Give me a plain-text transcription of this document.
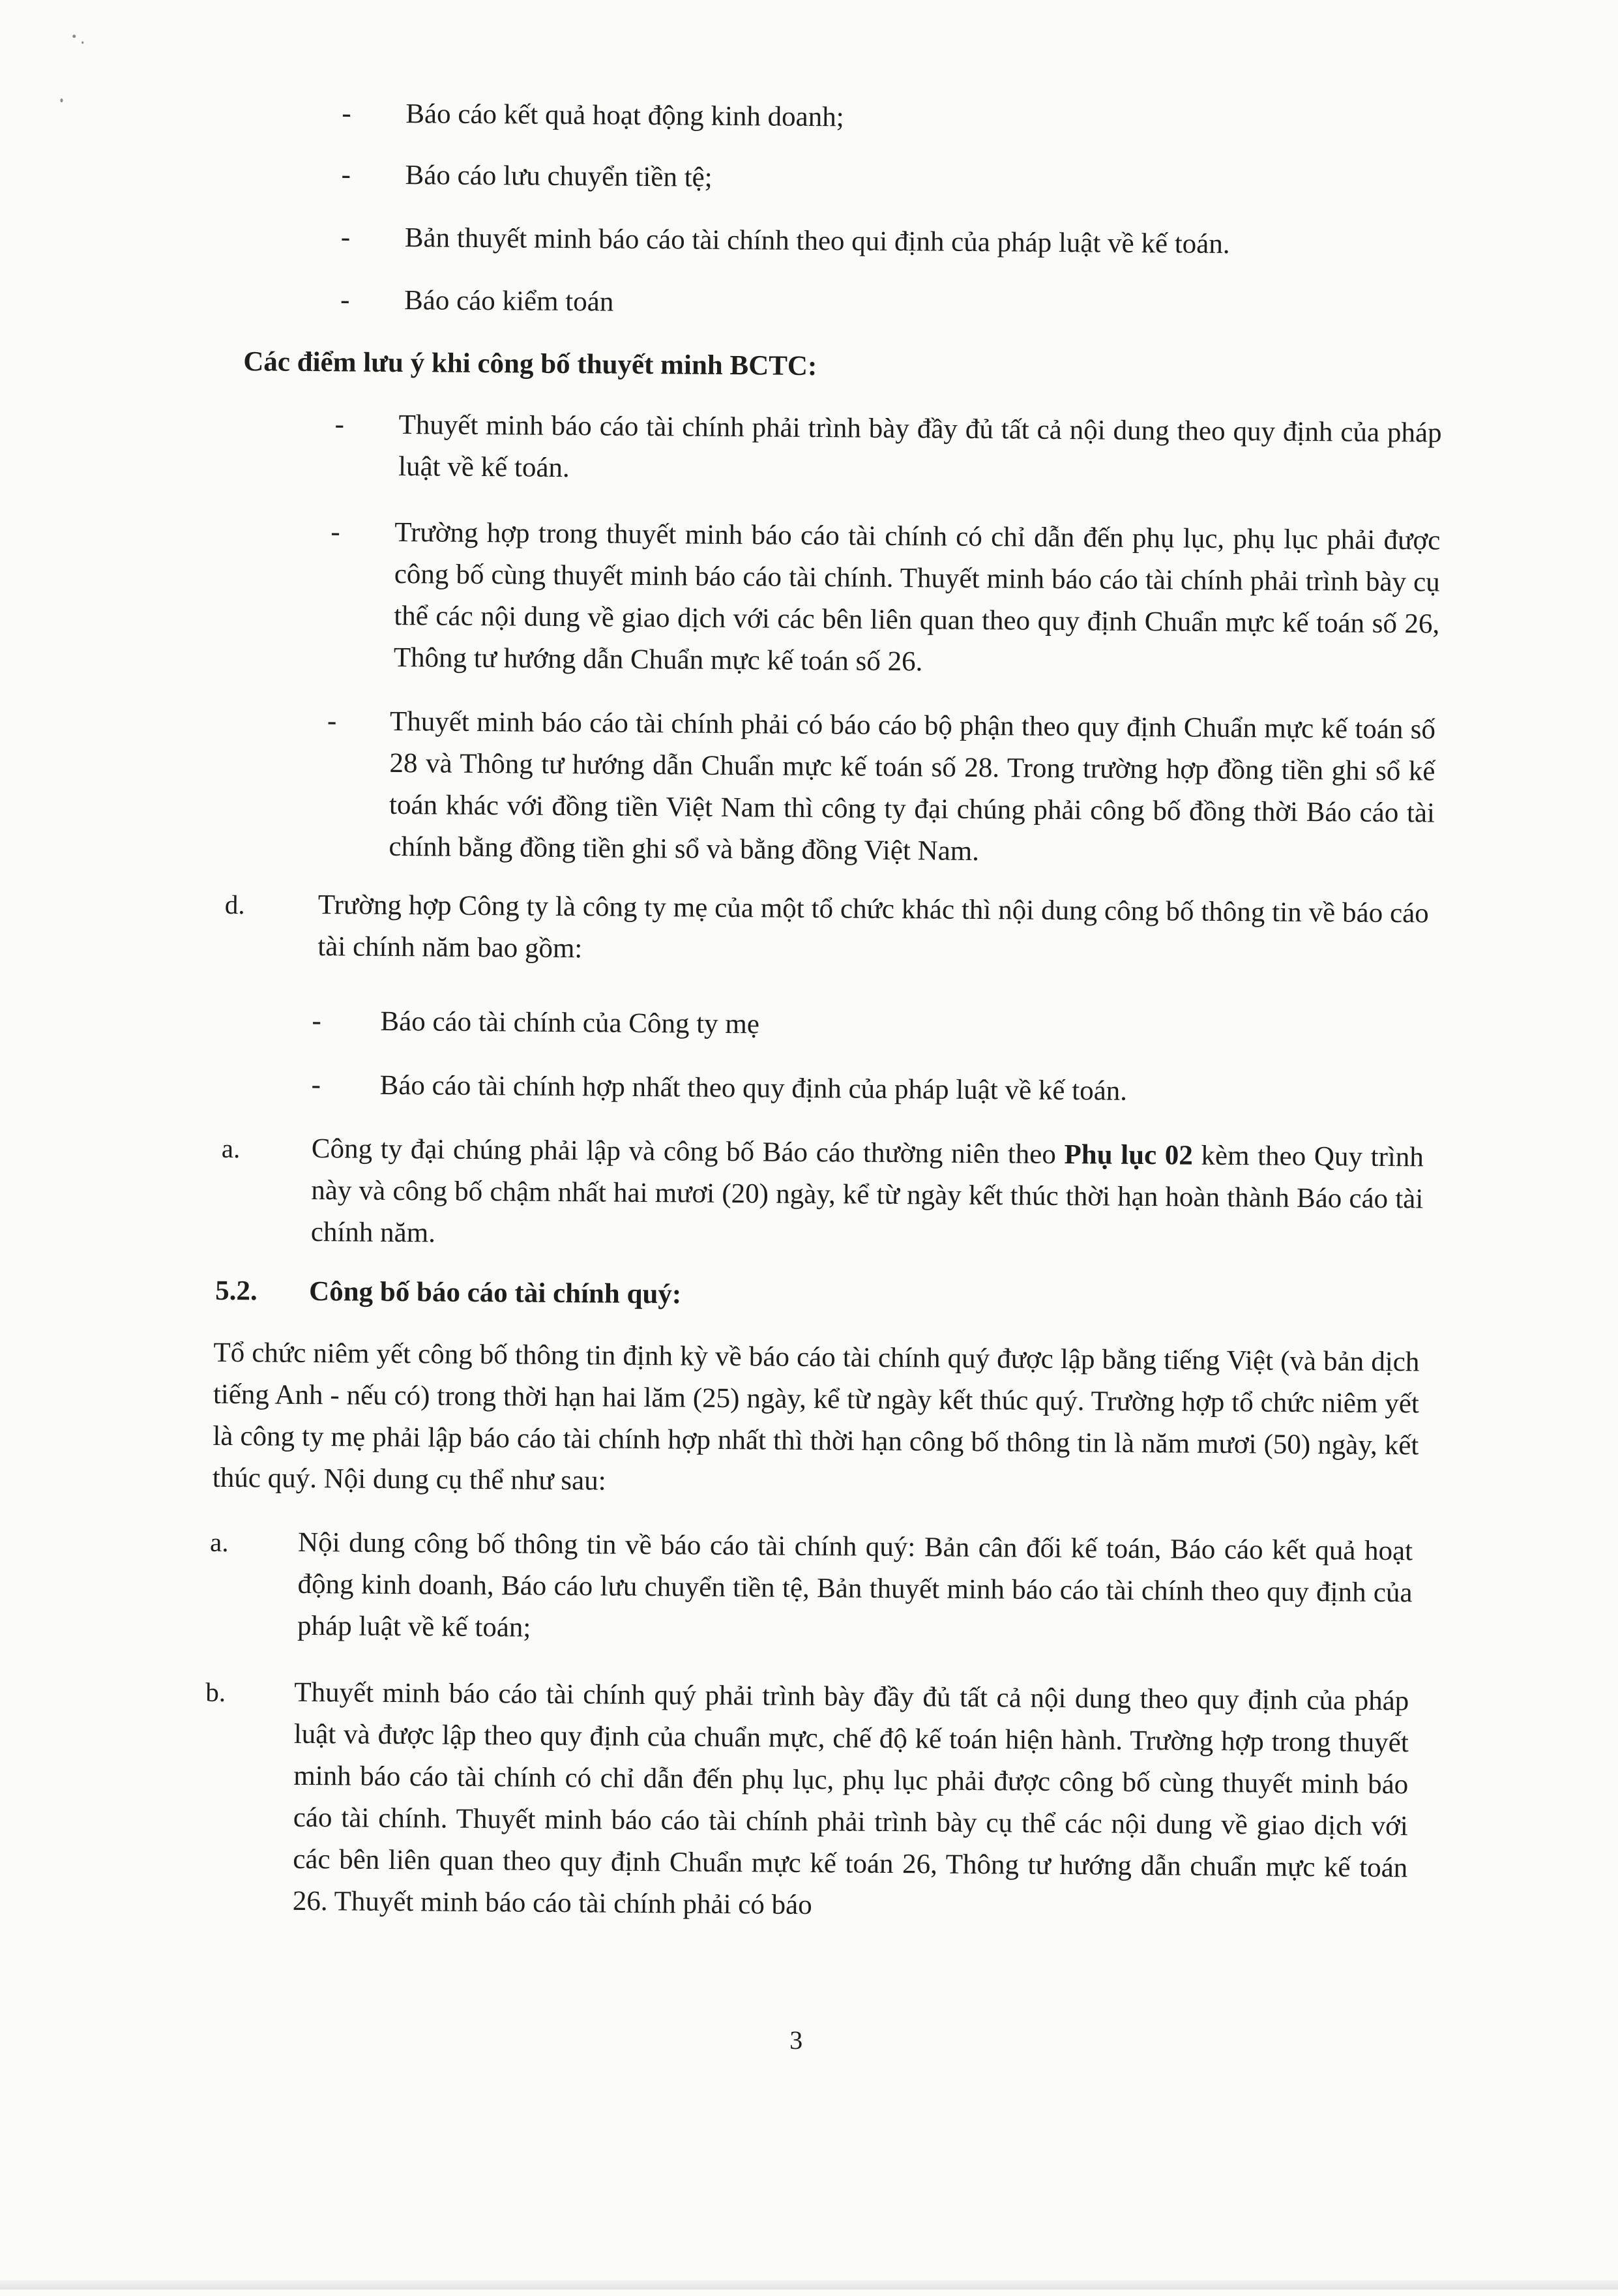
- Báo cáo kết quả hoạt động kinh doanh;

- Báo cáo lưu chuyển tiền tệ;

- Bản thuyết minh báo cáo tài chính theo qui định của pháp luật về kế toán.

- Báo cáo kiểm toán

Các điểm lưu ý khi công bố thuyết minh BCTC:

- Thuyết minh báo cáo tài chính phải trình bày đầy đủ tất cả nội dung theo quy định của pháp luật về kế toán.

- Trường hợp trong thuyết minh báo cáo tài chính có chỉ dẫn đến phụ lục, phụ lục phải được công bố cùng thuyết minh báo cáo tài chính. Thuyết minh báo cáo tài chính phải trình bày cụ thể các nội dung về giao dịch với các bên liên quan theo quy định Chuẩn mực kế toán số 26, Thông tư hướng dẫn Chuẩn mực kế toán số 26.

- Thuyết minh báo cáo tài chính phải có báo cáo bộ phận theo quy định Chuẩn mực kế toán số 28 và Thông tư hướng dẫn Chuẩn mực kế toán số 28. Trong trường hợp đồng tiền ghi sổ kế toán khác với đồng tiền Việt Nam thì công ty đại chúng phải công bố đồng thời Báo cáo tài chính bằng đồng tiền ghi sổ và bằng đồng Việt Nam.

d.	Trường hợp Công ty là công ty mẹ của một tổ chức khác thì nội dung công bố thông tin về báo cáo tài chính năm bao gồm:

- Báo cáo tài chính của Công ty mẹ

- Báo cáo tài chính hợp nhất theo quy định của pháp luật về kế toán.

a.	Công ty đại chúng phải lập và công bố Báo cáo thường niên theo Phụ lục 02 kèm theo Quy trình này và công bố chậm nhất hai mươi (20) ngày, kể từ ngày kết thúc thời hạn hoàn thành Báo cáo tài chính năm.

5.2. Công bố báo cáo tài chính quý:

Tổ chức niêm yết công bố thông tin định kỳ về báo cáo tài chính quý được lập bằng tiếng Việt (và bản dịch tiếng Anh - nếu có) trong thời hạn hai lăm (25) ngày, kể từ ngày kết thúc quý. Trường hợp tổ chức niêm yết là công ty mẹ phải lập báo cáo tài chính hợp nhất thì thời hạn công bố thông tin là năm mươi (50) ngày, kết thúc quý. Nội dung cụ thể như sau:

a. Nội dung công bố thông tin về báo cáo tài chính quý: Bản cân đối kế toán, Báo cáo kết quả hoạt động kinh doanh, Báo cáo lưu chuyển tiền tệ, Bản thuyết minh báo cáo tài chính theo quy định của pháp luật về kế toán;

b. Thuyết minh báo cáo tài chính quý phải trình bày đầy đủ tất cả nội dung theo quy định của pháp luật và được lập theo quy định của chuẩn mực, chế độ kế toán hiện hành. Trường hợp trong thuyết minh báo cáo tài chính có chỉ dẫn đến phụ lục, phụ lục phải được công bố cùng thuyết minh báo cáo tài chính. Thuyết minh báo cáo tài chính phải trình bày cụ thể các nội dung về giao dịch với các bên liên quan theo quy định Chuẩn mực kế toán 26, Thông tư hướng dẫn chuẩn mực kế toán 26. Thuyết minh báo cáo tài chính phải có báo

3
